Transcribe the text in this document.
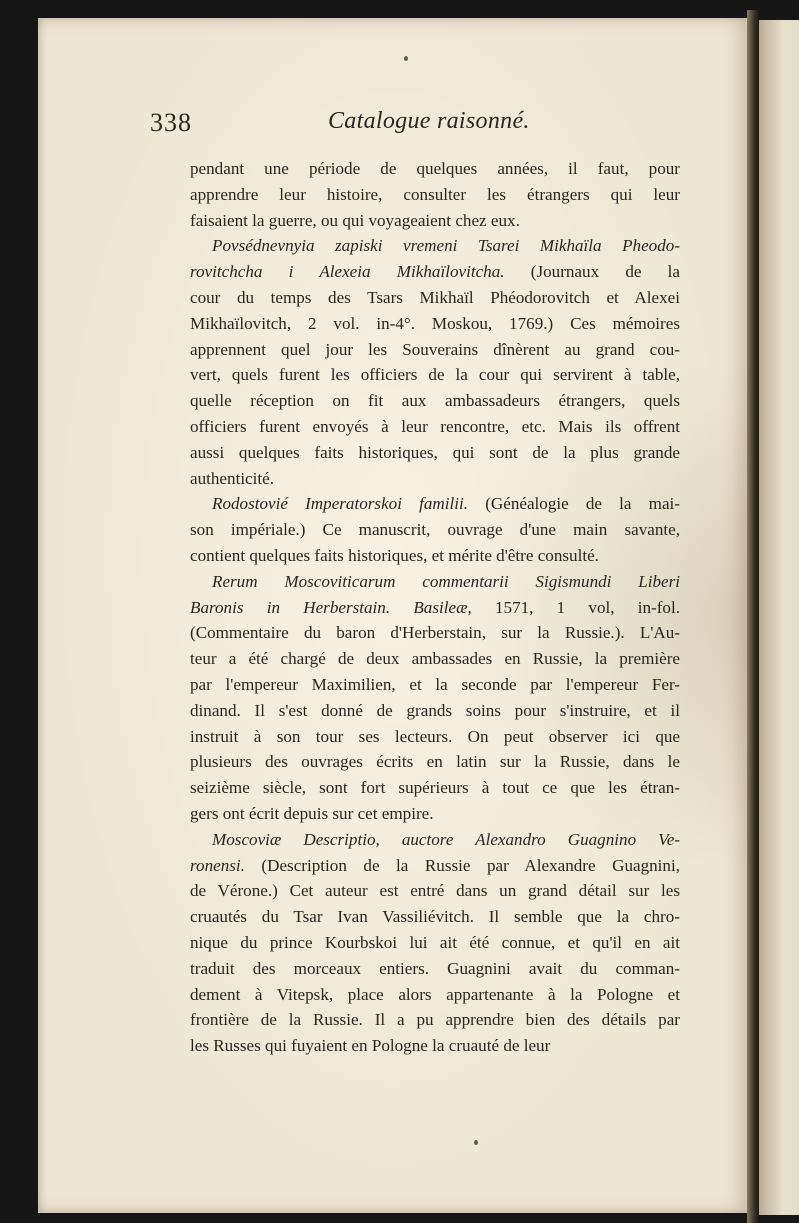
338	Catalogue raisonné.
pendant une période de quelques années, il faut, pour
apprendre leur histoire, consulter les étrangers qui leur
faisaient la guerre, ou qui voyageaient chez eux.
Povsédnevnyia zapiski vremeni Tsarei Mikhaïla Pheodo-
rovitchcha i Alexeia Mikhaïlovitcha. (Journaux de la
cour du temps des Tsars Mikhaïl Phéodorovitch et Alexei
Mikhaïlovitch, 2 vol. in-4°. Moskou, 1769.) Ces mémoires
apprennent quel jour les Souverains dînèrent au grand cou-
vert, quels furent les officiers de la cour qui servirent à table,
quelle réception on fit aux ambassadeurs étrangers, quels
officiers furent envoyés à leur rencontre, etc. Mais ils offrent
aussi quelques faits historiques, qui sont de la plus grande
authenticité.
Rodostovié Imperatorskoi familii. (Généalogie de la mai-
son impériale.) Ce manuscrit, ouvrage d'une main savante,
contient quelques faits historiques, et mérite d'être consulté.
Rerum Moscoviticarum commentarii Sigismundi Liberi
Baronis in Herberstain. Basileæ, 1571, 1 vol, in-fol.
(Commentaire du baron d'Herberstain, sur la Russie.). L'Au-
teur a été chargé de deux ambassades en Russie, la première
par l'empereur Maximilien, et la seconde par l'empereur Fer-
dinand. Il s'est donné de grands soins pour s'instruire, et il
instruit à son tour ses lecteurs. On peut observer ici que
plusieurs des ouvrages écrits en latin sur la Russie, dans le
seizième siècle, sont fort supérieurs à tout ce que les étran-
gers ont écrit depuis sur cet empire.
Moscoviæ Descriptio, auctore Alexandro Guagnino Ve-
ronensi. (Description de la Russie par Alexandre Guagnini,
de Vérone.) Cet auteur est entré dans un grand détail sur les
cruautés du Tsar Ivan Vassiliévitch. Il semble que la chro-
nique du prince Kourbskoi lui ait été connue, et qu'il en ait
traduit des morceaux entiers. Guagnini avait du comman-
dement à Vitepsk, place alors appartenante à la Pologne et
frontière de la Russie. Il a pu apprendre bien des détails par
les Russes qui fuyaient en Pologne la cruauté de leur
